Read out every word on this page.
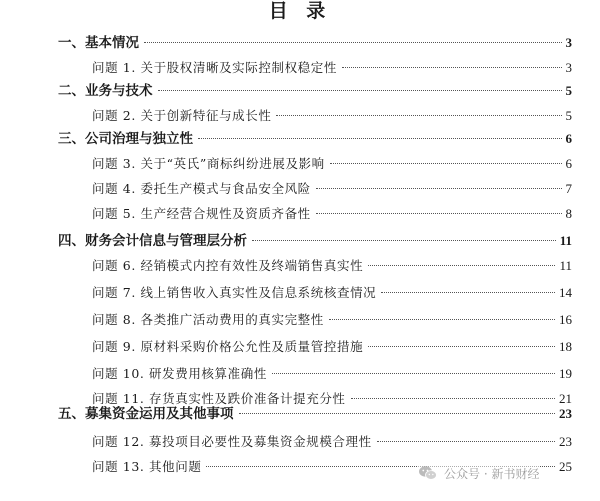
目 录
一、基本情况	3
问题 1. 关于股权清晰及实际控制权稳定性	3
二、业务与技术	5
问题 2. 关于创新特征与成长性	5
三、公司治理与独立性	6
问题 3. 关于“英氏”商标纠纷进展及影响	6
问题 4. 委托生产模式与食品安全风险	7
问题 5. 生产经营合规性及资质齐备性	8
四、财务会计信息与管理层分析	11
问题 6. 经销模式内控有效性及终端销售真实性	11
问题 7. 线上销售收入真实性及信息系统核查情况	14
问题 8. 各类推广活动费用的真实完整性	16
问题 9. 原材料采购价格公允性及质量管控措施	18
问题 10. 研发费用核算准确性	19
问题 11. 存货真实性及跌价准备计提充分性	21
五、募集资金运用及其他事项	23
问题 12. 募投项目必要性及募集资金规模合理性	23
问题 13. 其他问题	25
公众号 · 新书财经
